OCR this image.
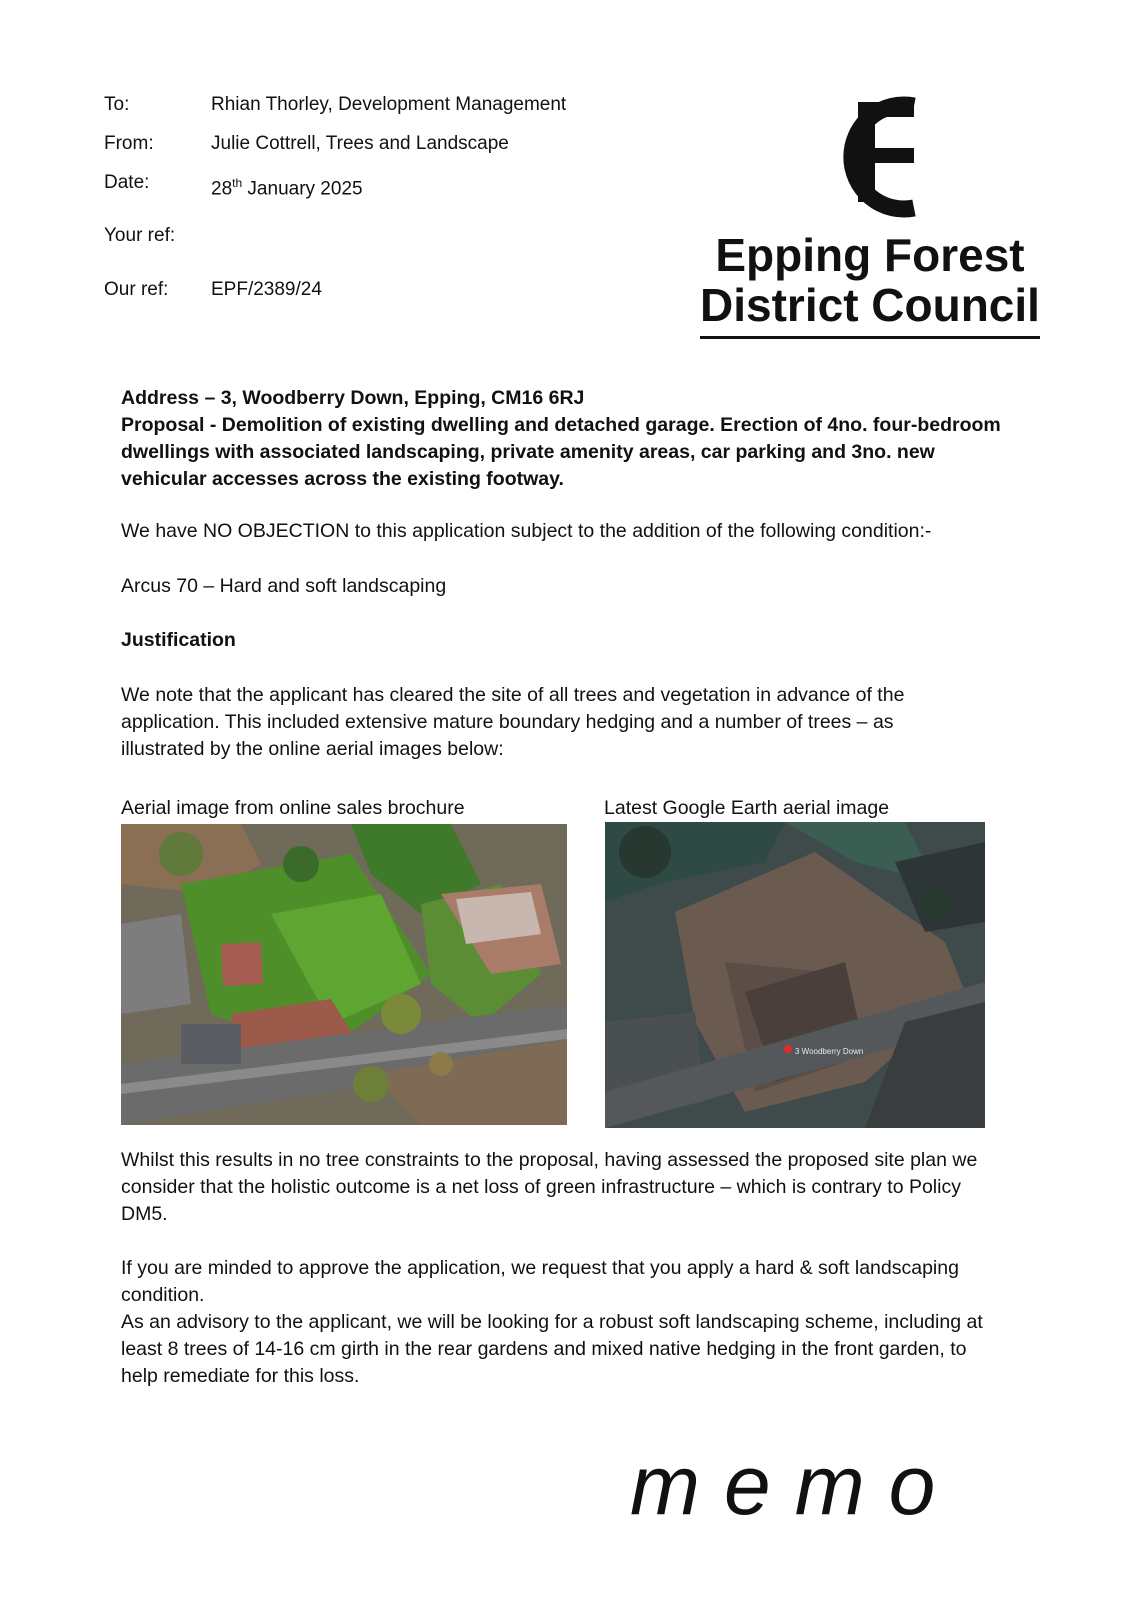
To:	Rhian Thorley, Development Management
From:	Julie Cottrell, Trees and Landscape
Date:	28th January 2025
Your ref:
Our ref: EPF/2389/24
Epping Forest
District Council
Address – 3, Woodberry Down, Epping, CM16 6RJ
Proposal - Demolition of existing dwelling and detached garage. Erection of 4no. four-bedroom dwellings with associated landscaping, private amenity areas, car parking and 3no. new vehicular accesses across the existing footway.
We have NO OBJECTION to this application subject to the addition of the following condition:-
Arcus 70 – Hard and soft landscaping
Justification
We note that the applicant has cleared the site of all trees and vegetation in advance of the application. This included extensive mature boundary hedging and a number of trees – as illustrated by the online aerial images below:
Aerial image from online sales brochure	Latest Google Earth aerial image
3 Woodberry Down
Whilst this results in no tree constraints to the proposal, having assessed the proposed site plan we consider that the holistic outcome is a net loss of green infrastructure – which is contrary to Policy DM5.
If you are minded to approve the application, we request that you apply a hard & soft landscaping condition.
As an advisory to the applicant, we will be looking for a robust soft landscaping scheme, including at least 8 trees of 14-16 cm girth in the rear gardens and mixed native hedging in the front garden, to help remediate for this loss.
memo
